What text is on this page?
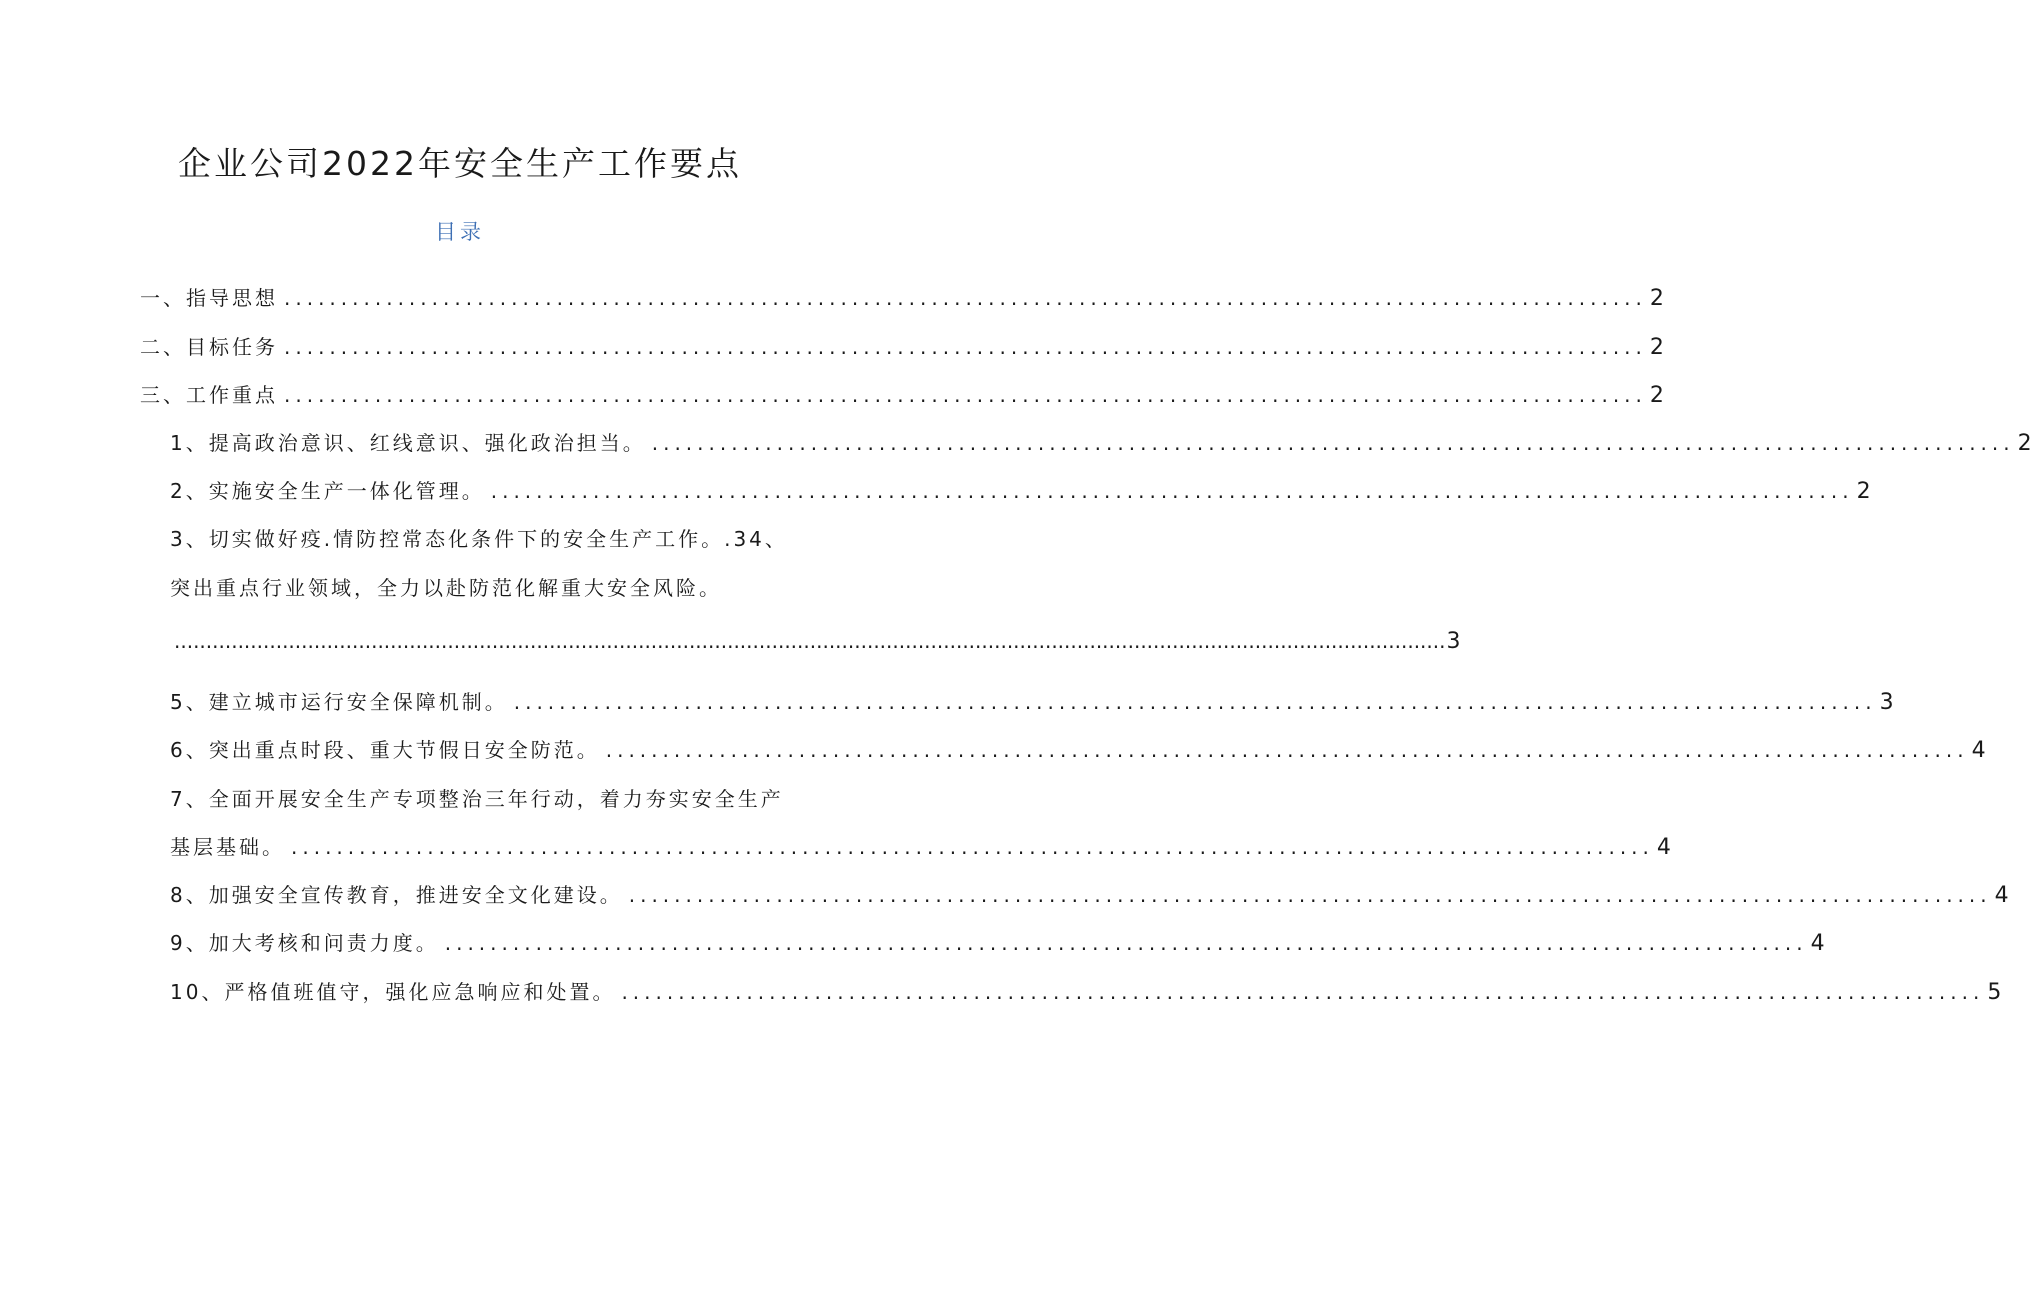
企业公司2022年安全生产工作要点
目录
一、指导思想 ........................................................................................................................ 2
二、目标任务 ........................................................................................................................ 2
三、工作重点 ........................................................................................................................ 2
1、提高政治意识、红线意识、强化政治担当。 ........................................................................................................................ 2
2、实施安全生产一体化管理。 ........................................................................................................................ 2
3、切实做好疫.情防控常态化条件下的安全生产工作。.34、
突出重点行业领域，全力以赴防范化解重大安全风险。
........................................................................................................................................................................................................ 3
5、建立城市运行安全保障机制。 ........................................................................................................................ 3
6、突出重点时段、重大节假日安全防范。 ........................................................................................................................ 4
7、全面开展安全生产专项整治三年行动，着力夯实安全生产
基层基础。 ........................................................................................................................ 4
8、加强安全宣传教育，推进安全文化建设。 ........................................................................................................................ 4
9、加大考核和问责力度。 ........................................................................................................................ 4
10、严格值班值守，强化应急响应和处置。 ........................................................................................................................ 5
